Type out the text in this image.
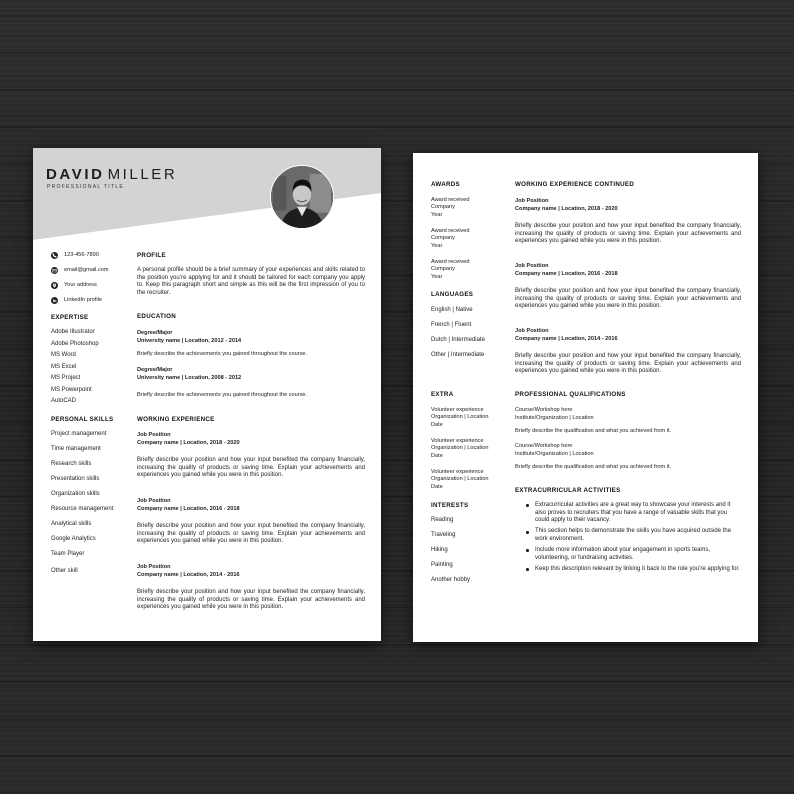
DAVID MILLER
PROFESSIONAL TITLE
123-456-7890
email@gmail.com
Your address
LinkedIn profile
EXPERTISE
Adobe Illustrator
Adobe Photoshop
MS Word
MS Excel
MS Project
MS Powerpoint
AutoCAD
PERSONAL SKILLS
Project management
Time management
Research skills
Presentation skills
Organization skills
Resource management
Analytical skills
Google Analytics
Team Player
Other skill
PROFILE
A personal profile should be a brief summary of your experiences and skills related to the position you’re applying for and it should be tailored for each company you apply to. Keep this paragraph short and simple as this will be the first impression of you to the recruiter.
EDUCATION
Degree/Major
University name | Location, 2012 - 2014
Briefly describe the achievements you gained throughout the course.
Degree/Major
University name | Location, 2008 - 2012
Briefly describe the achievements you gained throughout the course.
WORKING EXPERIENCE
Job Position
Company name | Location, 2018 - 2020
Briefly describe your position and how your input benefited the company financially, increasing the quality of products or saving time. Explain your achievements and experiences you gained while you were in this position.
Job Position
Company name | Location, 2016 - 2018
Briefly describe your position and how your input benefited the company financially, increasing the quality of products or saving time. Explain your achievements and experiences you gained while you were in this position.
Job Position
Company name | Location, 2014 - 2016
Briefly describe your position and how your input benefited the company financially, increasing the quality of products or saving time. Explain your achievements and experiences you gained while you were in this position.
AWARDS
Award received
Company
Year
Award received
Company
Year
Award received
Company
Year
LANGUAGES
English | Native
French | Fluent
Dutch | Intermediate
Other | Intermediate
EXTRA
Volunteer experience
Organization | Location
Date
Volunteer experience
Organization | Location
Date
Volunteer experience
Organization | Location
Date
INTERESTS
Reading
Traveling
Hiking
Painting
Another hobby
WORKING EXPERIENCE CONTINUED
Job Position
Company name | Location, 2018 - 2020
Briefly describe your position and how your input benefited the company financially, increasing the quality of products or saving time. Explain your achievements and experiences you gained while you were in this position.
Job Position
Company name | Location, 2016 - 2018
Briefly describe your position and how your input benefited the company financially, increasing the quality of products or saving time. Explain your achievements and experiences you gained while you were in this position.
Job Position
Company name | Location, 2014 - 2016
Briefly describe your position and how your input benefited the company financially, increasing the quality of products or saving time. Explain your achievements and experiences you gained while you were in this position.
PROFESSIONAL QUALIFICATIONS
Course/Workshop here
Institute/Organization | Location
Briefly describe the qualification and what you achieved from it.
Course/Workshop here
Institute/Organization | Location
Briefly describe the qualification and what you achieved from it.
EXTRACURRICULAR ACTIVITIES
Extracurricular activities are a great way to showcase your interests and it also proves to recruiters that you have a range of valuable skills that you could apply to their vacancy.
This section helps to demonstrate the skills you have acquired outside the work environment.
Include more information about your engagement in sports teams, volunteering, or fundraising activities.
Keep this description relevant by linking it back to the role you’re applying for.
